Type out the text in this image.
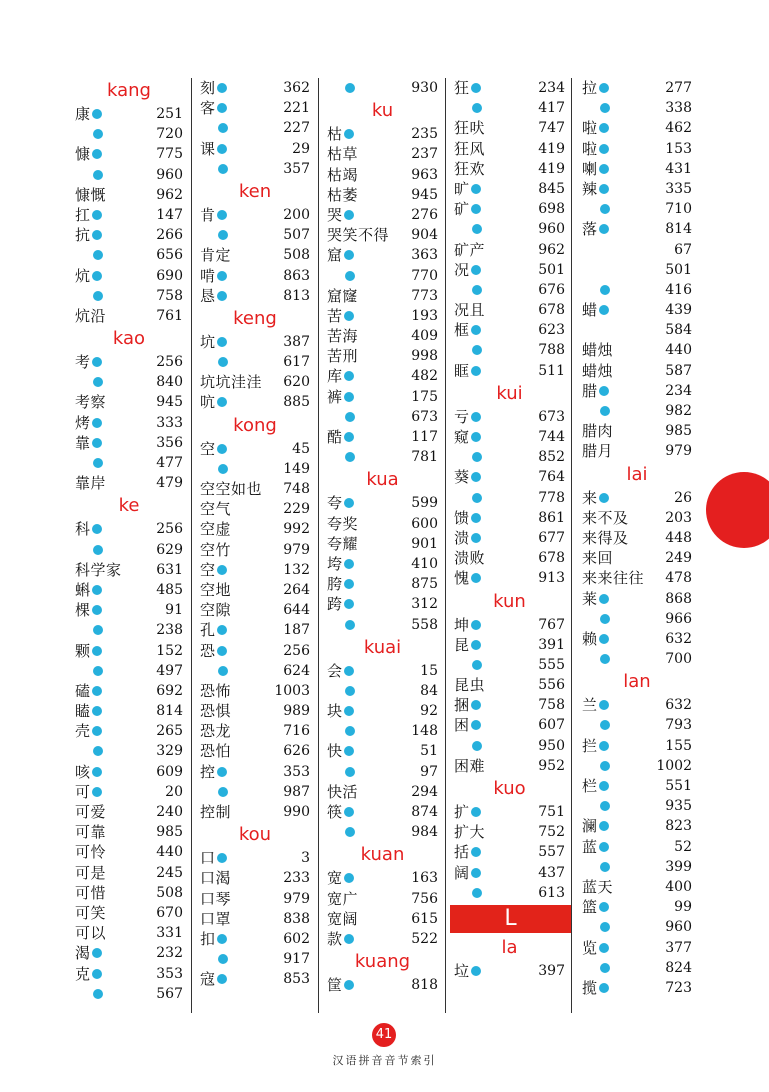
kang
康	251
720
慷	775
960
慷慨	962
扛	147
抗	266
656
炕	690
758
炕沿	761
kao
考	256
840
考察	945
烤	333
靠	356
477
靠岸	479
ke
科	256
629
科学家 631
蝌	485
棵	91
238
颗	152
497
磕	692
瞌	814
壳	265
329
咳	609
可	20
可爱	240
可靠	985
可怜	440
可是	245
可惜	508
可笑	670
可以	331
渴	232
克	353
567
刻	362
客	221
227
课	29
357
ken
肯	200
507
肯定	508
啃	863
恳	813
keng
坑	387
617
坑坑洼洼 620
吭	885
kong
空	45
149
空空如也 748
空气	229
空虚	992
空竹	979
空	132
空地	264
空隙	644
孔	187
恐	256
624
恐怖	1003
恐惧	989
恐龙	716
恐怕	626
控	353
987
控制	990
kou
口	3
口渴	233
口琴	979
口罩	838
扣	602
917
寇	853
930
ku
枯	235
枯草	237
枯竭	963
枯萎	945
哭	276
哭笑不得 904
窟	363
770
窟窿	773
苦	193
苦海	409
苦刑	998
库	482
裤	175
673
酷	117
781
kua
夸	599
夸奖	600
夸耀	901
垮	410
胯	875
跨	312
558
kuai
会	15
84
块	92
148
快	51
97
快活	294
筷	874
984
kuan
宽	163
宽广	756
宽阔	615
款	522
kuang
筐	818
狂	234
417
狂吠	747
狂风	419
狂欢	419
旷	845
矿	698
960
矿产	962
况	501
676
况且	678
框	623
788
眶	511
kui
亏	673
窥	744
852
葵	764
778
馈	861
溃	677
溃败	678
愧	913
kun
坤	767
昆	391
555
昆虫	556
捆	758
困	607
950
困难	952
kuo
扩	751
扩大	752
括	557
阔	437
613
L
la
垃	397
拉	277
338
啦	462
啦	153
喇	431
辣	335
710
落	814
67
501
416
蜡	439
584
蜡烛	440
蜡烛	587
腊	234
982
腊肉	985
腊月	979
lai
来	26
来不及	203
来得及	448
来回	249
来来往往 478
莱	868
966
赖	632
700
lan
兰	632
793
拦	155
1002
栏	551
935
澜	823
蓝	52
399
蓝天	400
篮	99
960
览	377
824
揽	723
41
汉语拼音音节索引
